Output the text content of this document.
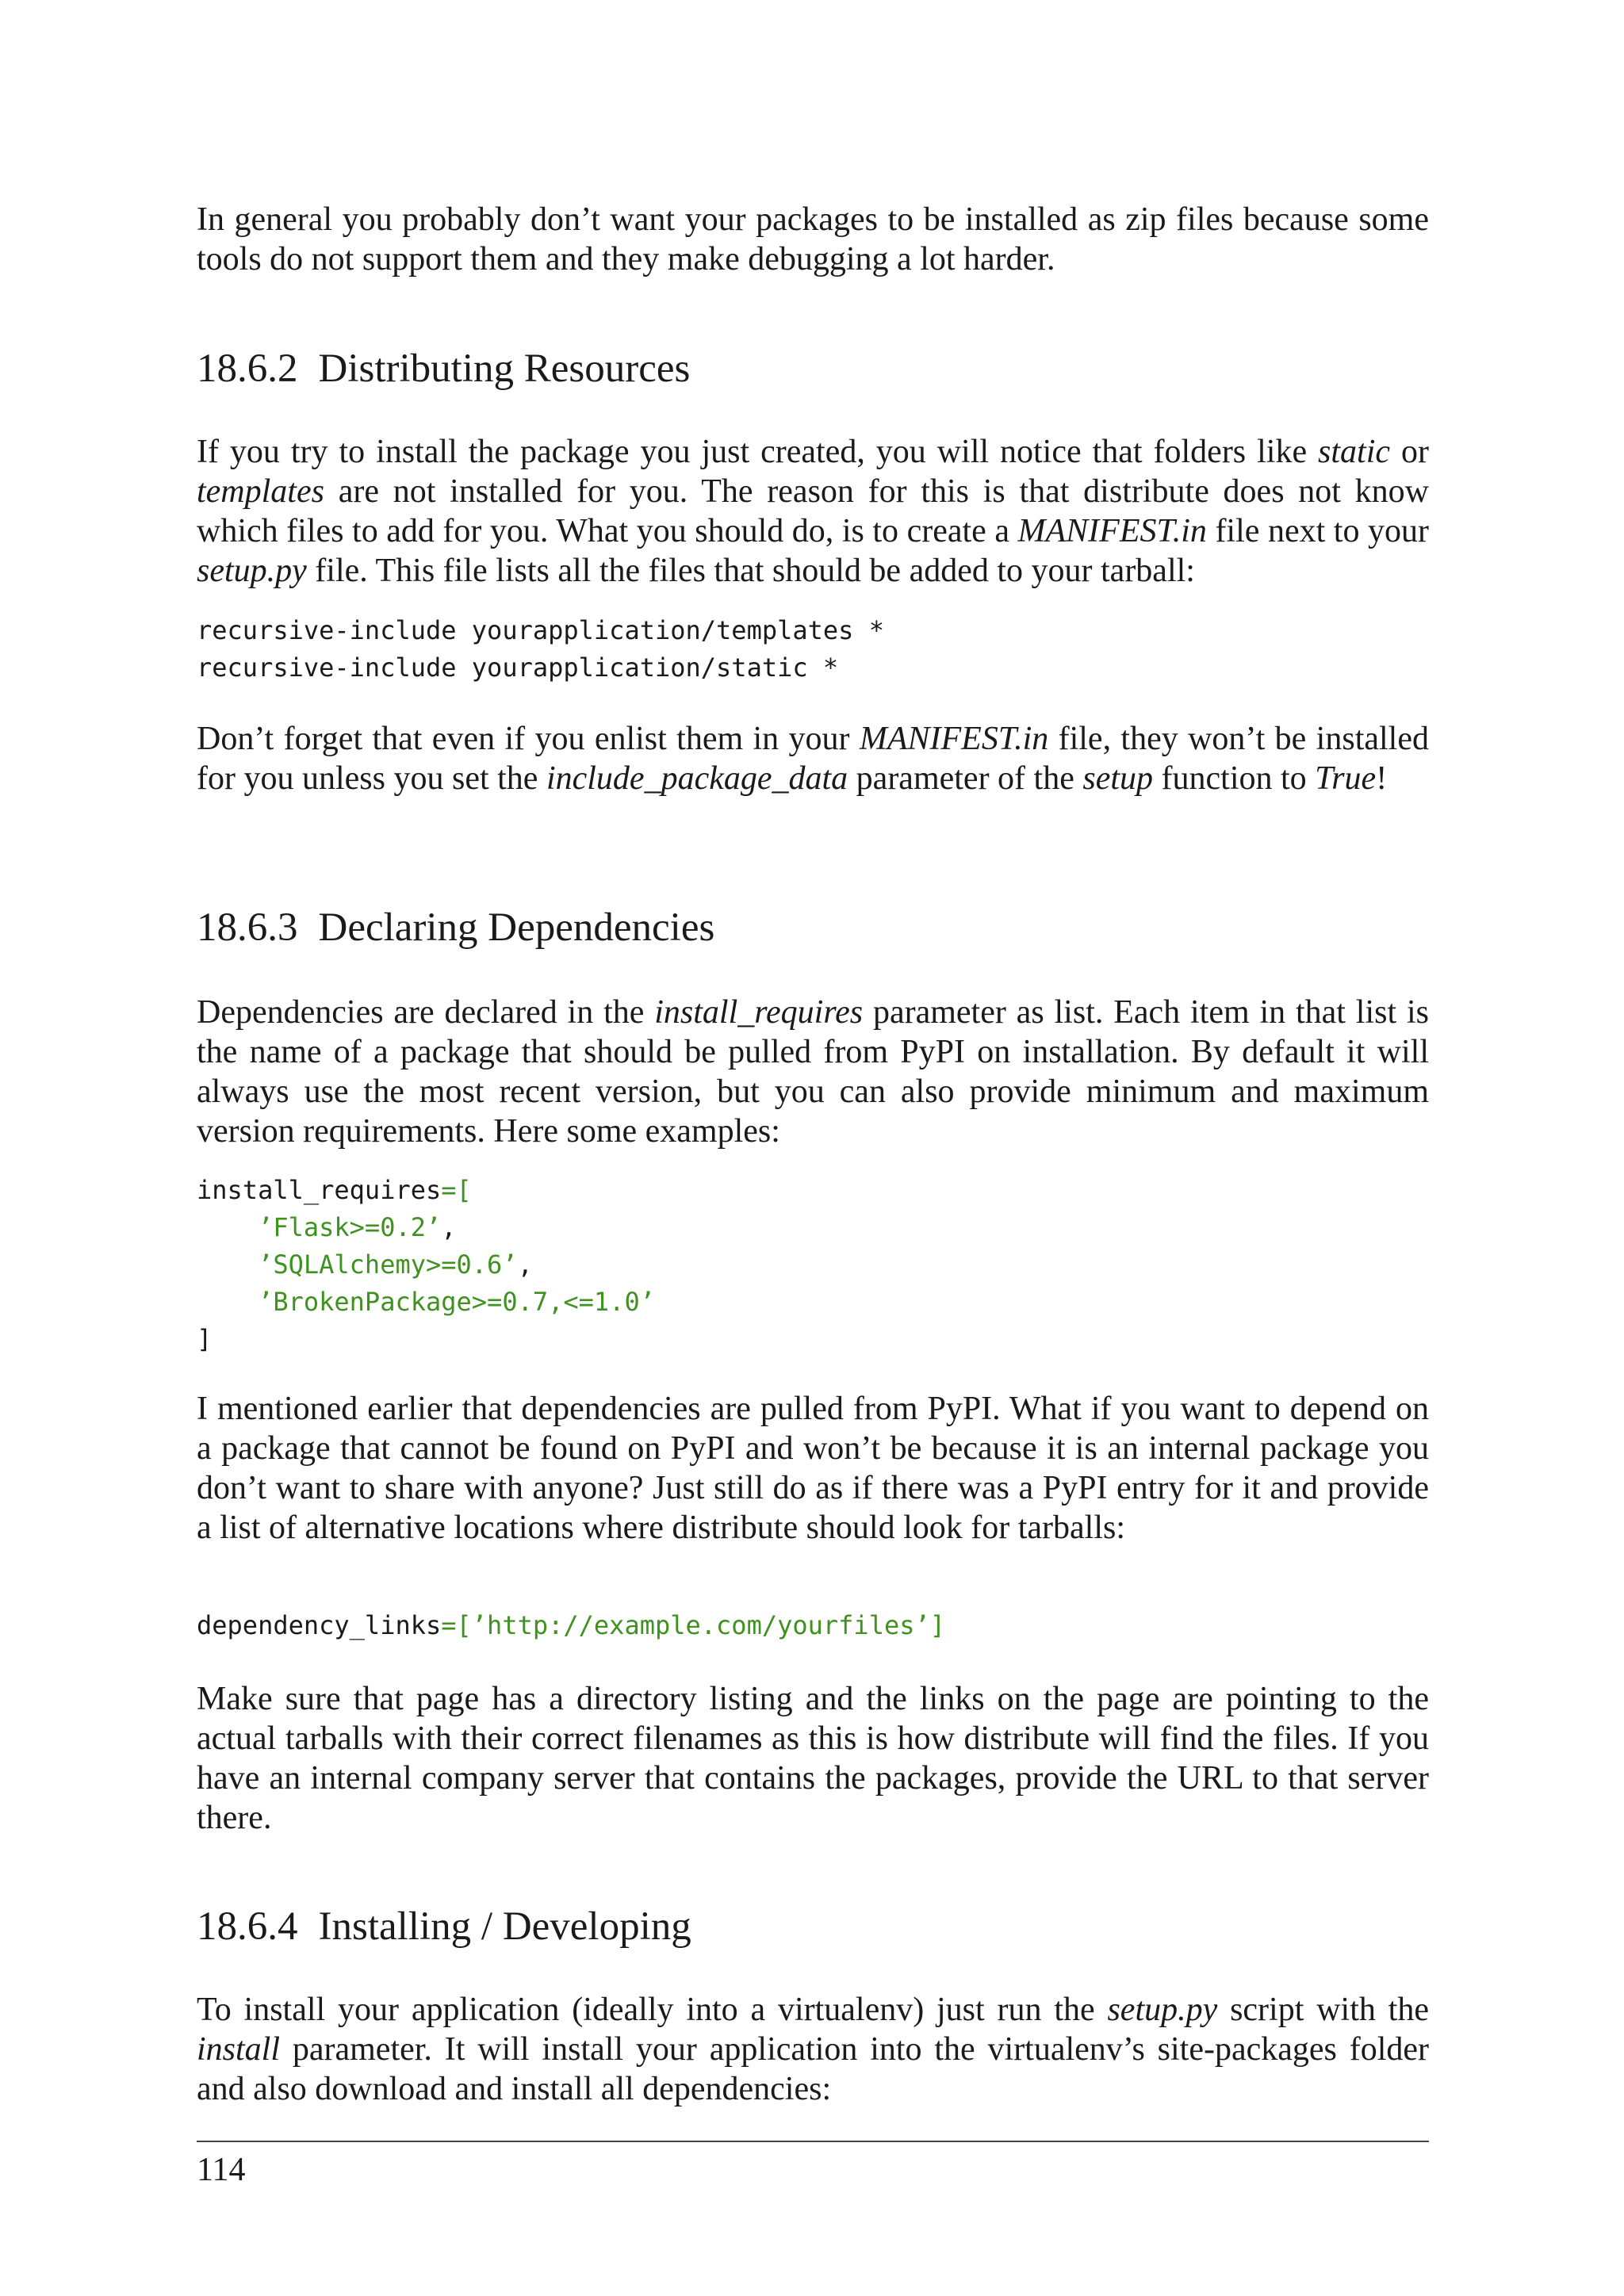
In general you probably don’t want your packages to be installed as zip files because some tools do not support them and they make debugging a lot harder.

18.6.2 Distributing Resources

If you try to install the package you just created, you will notice that folders like static or templates are not installed for you. The reason for this is that distribute does not know which files to add for you. What you should do, is to create a MANIFEST.in file next to your setup.py file. This file lists all the files that should be added to your tarball:

recursive-include yourapplication/templates *
recursive-include yourapplication/static *

Don’t forget that even if you enlist them in your MANIFEST.in file, they won’t be installed for you unless you set the include_package_data parameter of the setup function to True!

18.6.3 Declaring Dependencies

Dependencies are declared in the install_requires parameter as list. Each item in that list is the name of a package that should be pulled from PyPI on installation. By default it will always use the most recent version, but you can also provide minimum and maximum version requirements. Here some examples:

install_requires=[
’Flask>=0.2’,
’SQLAlchemy>=0.6’,
’BrokenPackage>=0.7,<=1.0’
]

I mentioned earlier that dependencies are pulled from PyPI. What if you want to depend on a package that cannot be found on PyPI and won’t be because it is an internal package you don’t want to share with anyone? Just still do as if there was a PyPI entry for it and provide a list of alternative locations where distribute should look for tarballs:

dependency_links=[’http://example.com/yourfiles’]

Make sure that page has a directory listing and the links on the page are pointing to the actual tarballs with their correct filenames as this is how distribute will find the files. If you have an internal company server that contains the packages, provide the URL to that server there.

18.6.4 Installing / Developing

To install your application (ideally into a virtualenv) just run the setup.py script with the install parameter. It will install your application into the virtualenv’s site-packages folder and also download and install all dependencies:

114
